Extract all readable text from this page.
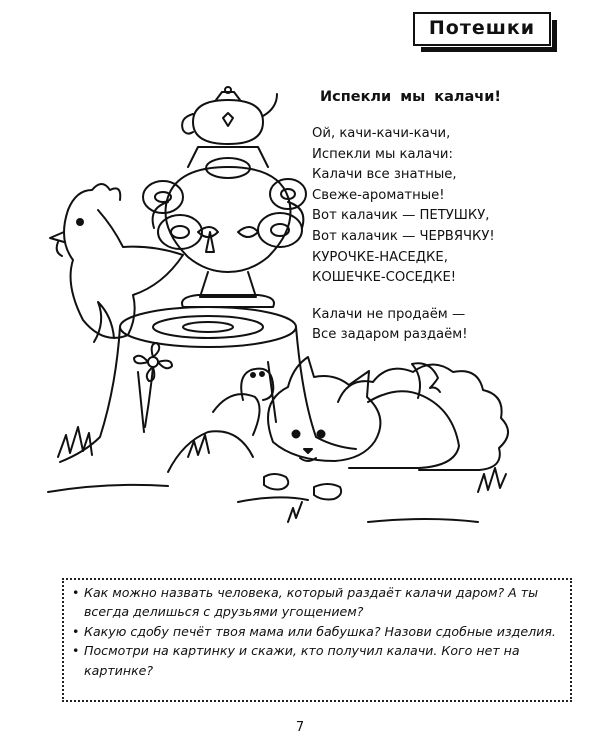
Потешки
Испекли мы калачи!
Ой, качи-качи-качи,
Испекли мы калачи:
Калачи все знатные,
Свеже-ароматные!
Вот калачик — ПЕТУШКУ,
Вот калачик — ЧЕРВЯЧКУ!
КУРОЧКЕ-НАСЕДКЕ,
КОШЕЧКЕ-СОСЕДКЕ!
Калачи не продаём —
Все задаром раздаём!
• Как можно назвать человека, который раздаёт калачи даром? А ты всегда делишься с друзьями угощением?
• Какую сдобу печёт твоя мама или бабушка? Назови сдобные изделия.
• Посмотри на картинку и скажи, кто получил калачи. Кого нет на картинке?
7
